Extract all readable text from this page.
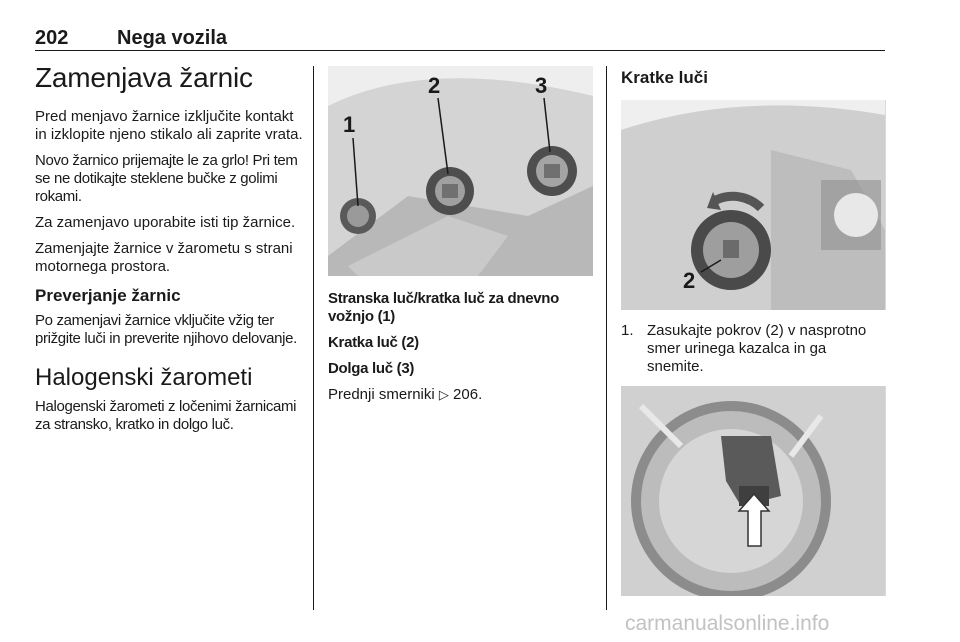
202 Nega vozila
Zamenjava žarnic

Pred menjavo žarnice izključite kontakt in izklopite njeno stikalo ali zaprite vrata.

Novo žarnico prijemajte le za grlo! Pri tem se ne dotikajte steklene bučke z golimi rokami.

Za zamenjavo uporabite isti tip žarnice.

Zamenjajte žarnice v žarometu s strani motornega prostora.

Preverjanje žarnic

Po zamenjavi žarnice vključite vžig ter prižgite luči in preverite njihovo delovanje.

Halogenski žarometi

Halogenski žarometi z ločenimi žarnicami za stransko, kratko in dolgo luč.

1
2	3

Stranska luč/kratka luč za dnevno vožnjo (1)

Kratka luč (2)

Dolga luč (3)

Prednji smerniki ▷ 206.

Kratke luči
2
1. Zasukajte pokrov (2) v nasprotno smer urinega kazalca in ga snemite.
carmanualsonline.info
